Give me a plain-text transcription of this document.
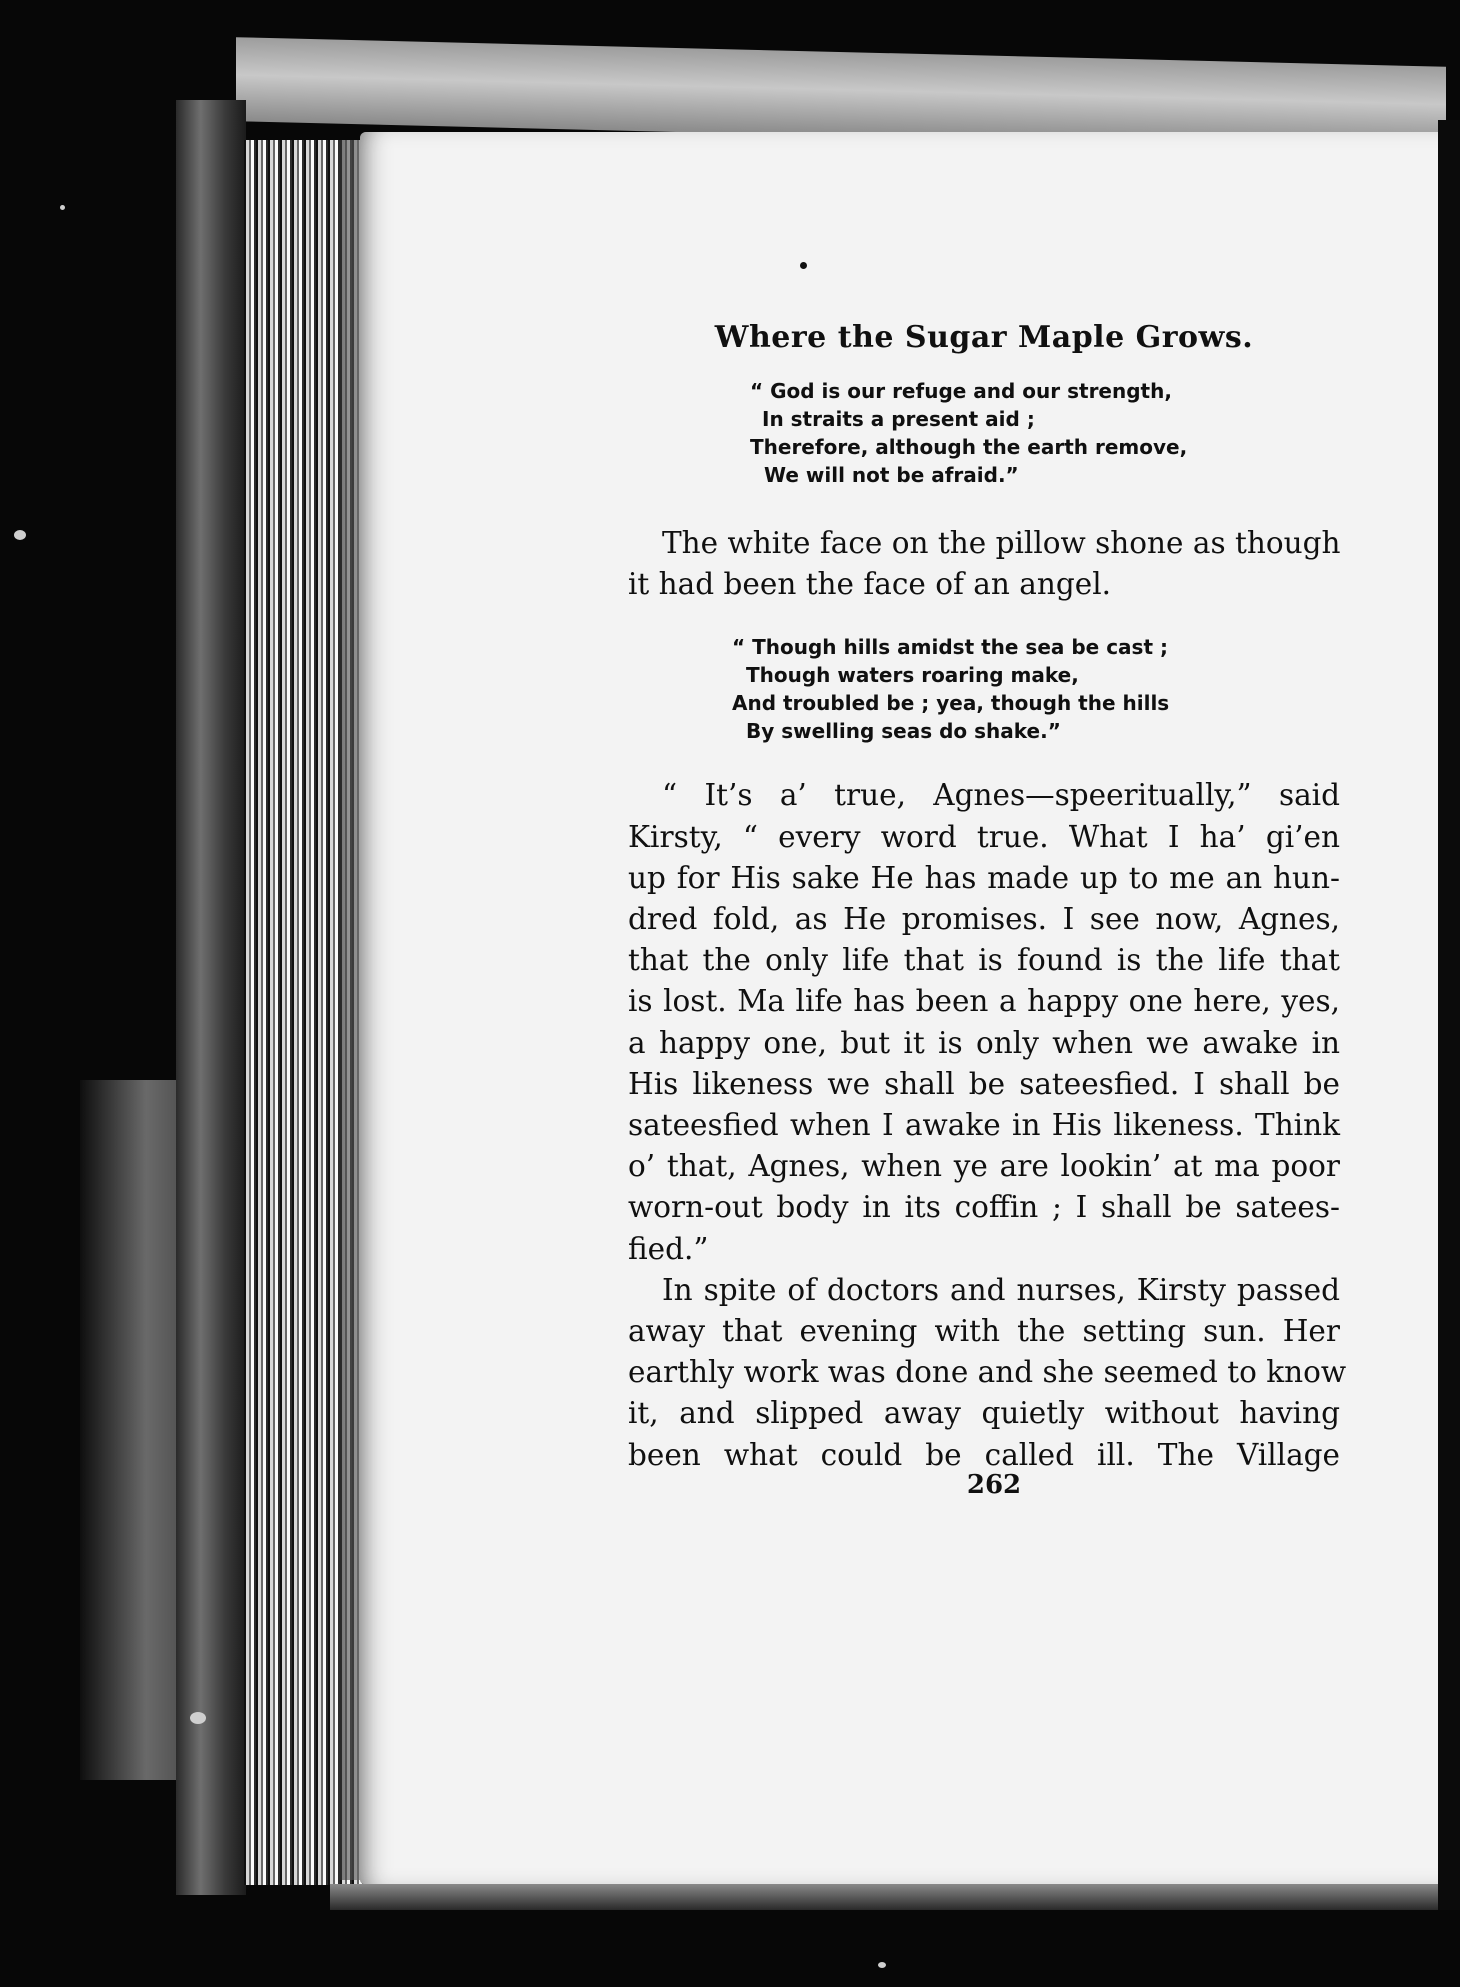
Where the Sugar Maple Grows.
“ God is our refuge and our strength,
In straits a present aid ;
Therefore, although the earth remove,
We will not be afraid.”
The white face on the pillow shone as though
it had been the face of an angel.
“ Though hills amidst the sea be cast ;
Though waters roaring make,
And troubled be ; yea, though the hills
By swelling seas do shake.”
“ It’s a’ true, Agnes—speeritually,” said
Kirsty, “ every word true. What I ha’ gi’en
up for His sake He has made up to me an hun-
dred fold, as He promises. I see now, Agnes,
that the only life that is found is the life that
is lost. Ma life has been a happy one here, yes,
a happy one, but it is only when we awake in
His likeness we shall be sateesfied. I shall be
sateesfied when I awake in His likeness. Think
o’ that, Agnes, when ye are lookin’ at ma poor
worn-out body in its coffin ; I shall be satees-
fied.”
In spite of doctors and nurses, Kirsty passed
away that evening with the setting sun. Her
earthly work was done and she seemed to know
it, and slipped away quietly without having
been what could be called ill. The Village
262
